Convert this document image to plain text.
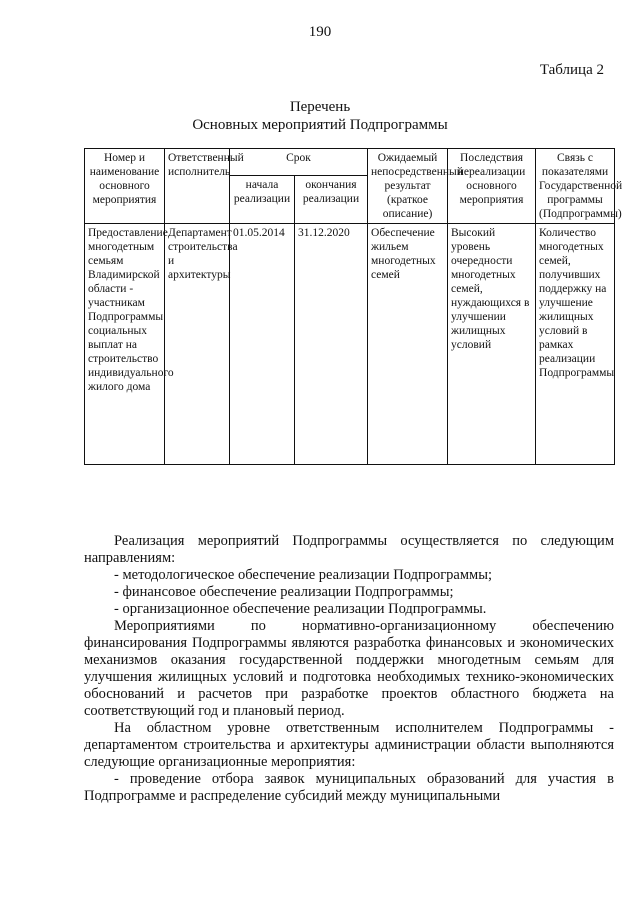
190
Таблица 2
Перечень
Основных мероприятий Подпрограммы
Номер и наименование основного мероприятия	Ответственный исполнитель	Срок		Ожидаемый непосредственный результат (краткое описание)	Последствия нереализации основного мероприятия	Связь с показателями Государственной программы (Подпрограммы)
		начала реализации	окончания реализации			
Предоставление многодетным семьям Владимирской области - участникам Подпрограммы социальных выплат на строительство индивидуального жилого дома	Департамент строительства и архитектуры	01.05.2014	31.12.2020	Обеспечение жильем многодетных семей	Высокий уровень очередности многодетных семей, нуждающихся в улучшении жилищных условий	Количество многодетных семей, получивших поддержку на улучшение жилищных условий в рамках реализации Подпрограммы

Реализация мероприятий Подпрограммы осуществляется по следующим направлениям:

- методологическое обеспечение реализации Подпрограммы;

- финансовое обеспечение реализации Подпрограммы;

- организационное обеспечение реализации Подпрограммы.

Мероприятиями по нормативно-организационному обеспечению финансирования Подпрограммы являются разработка финансовых и экономических механизмов оказания государственной поддержки многодетным семьям для улучшения жилищных условий и подготовка необходимых технико-экономических обоснований и расчетов при разработке проектов областного бюджета на соответствующий год и плановый период.

На областном уровне ответственным исполнителем Подпрограммы - департаментом строительства и архитектуры администрации области выполняются следующие организационные мероприятия:

- проведение отбора заявок муниципальных образований для участия в Подпрограмме и распределение субсидий между муниципальными
